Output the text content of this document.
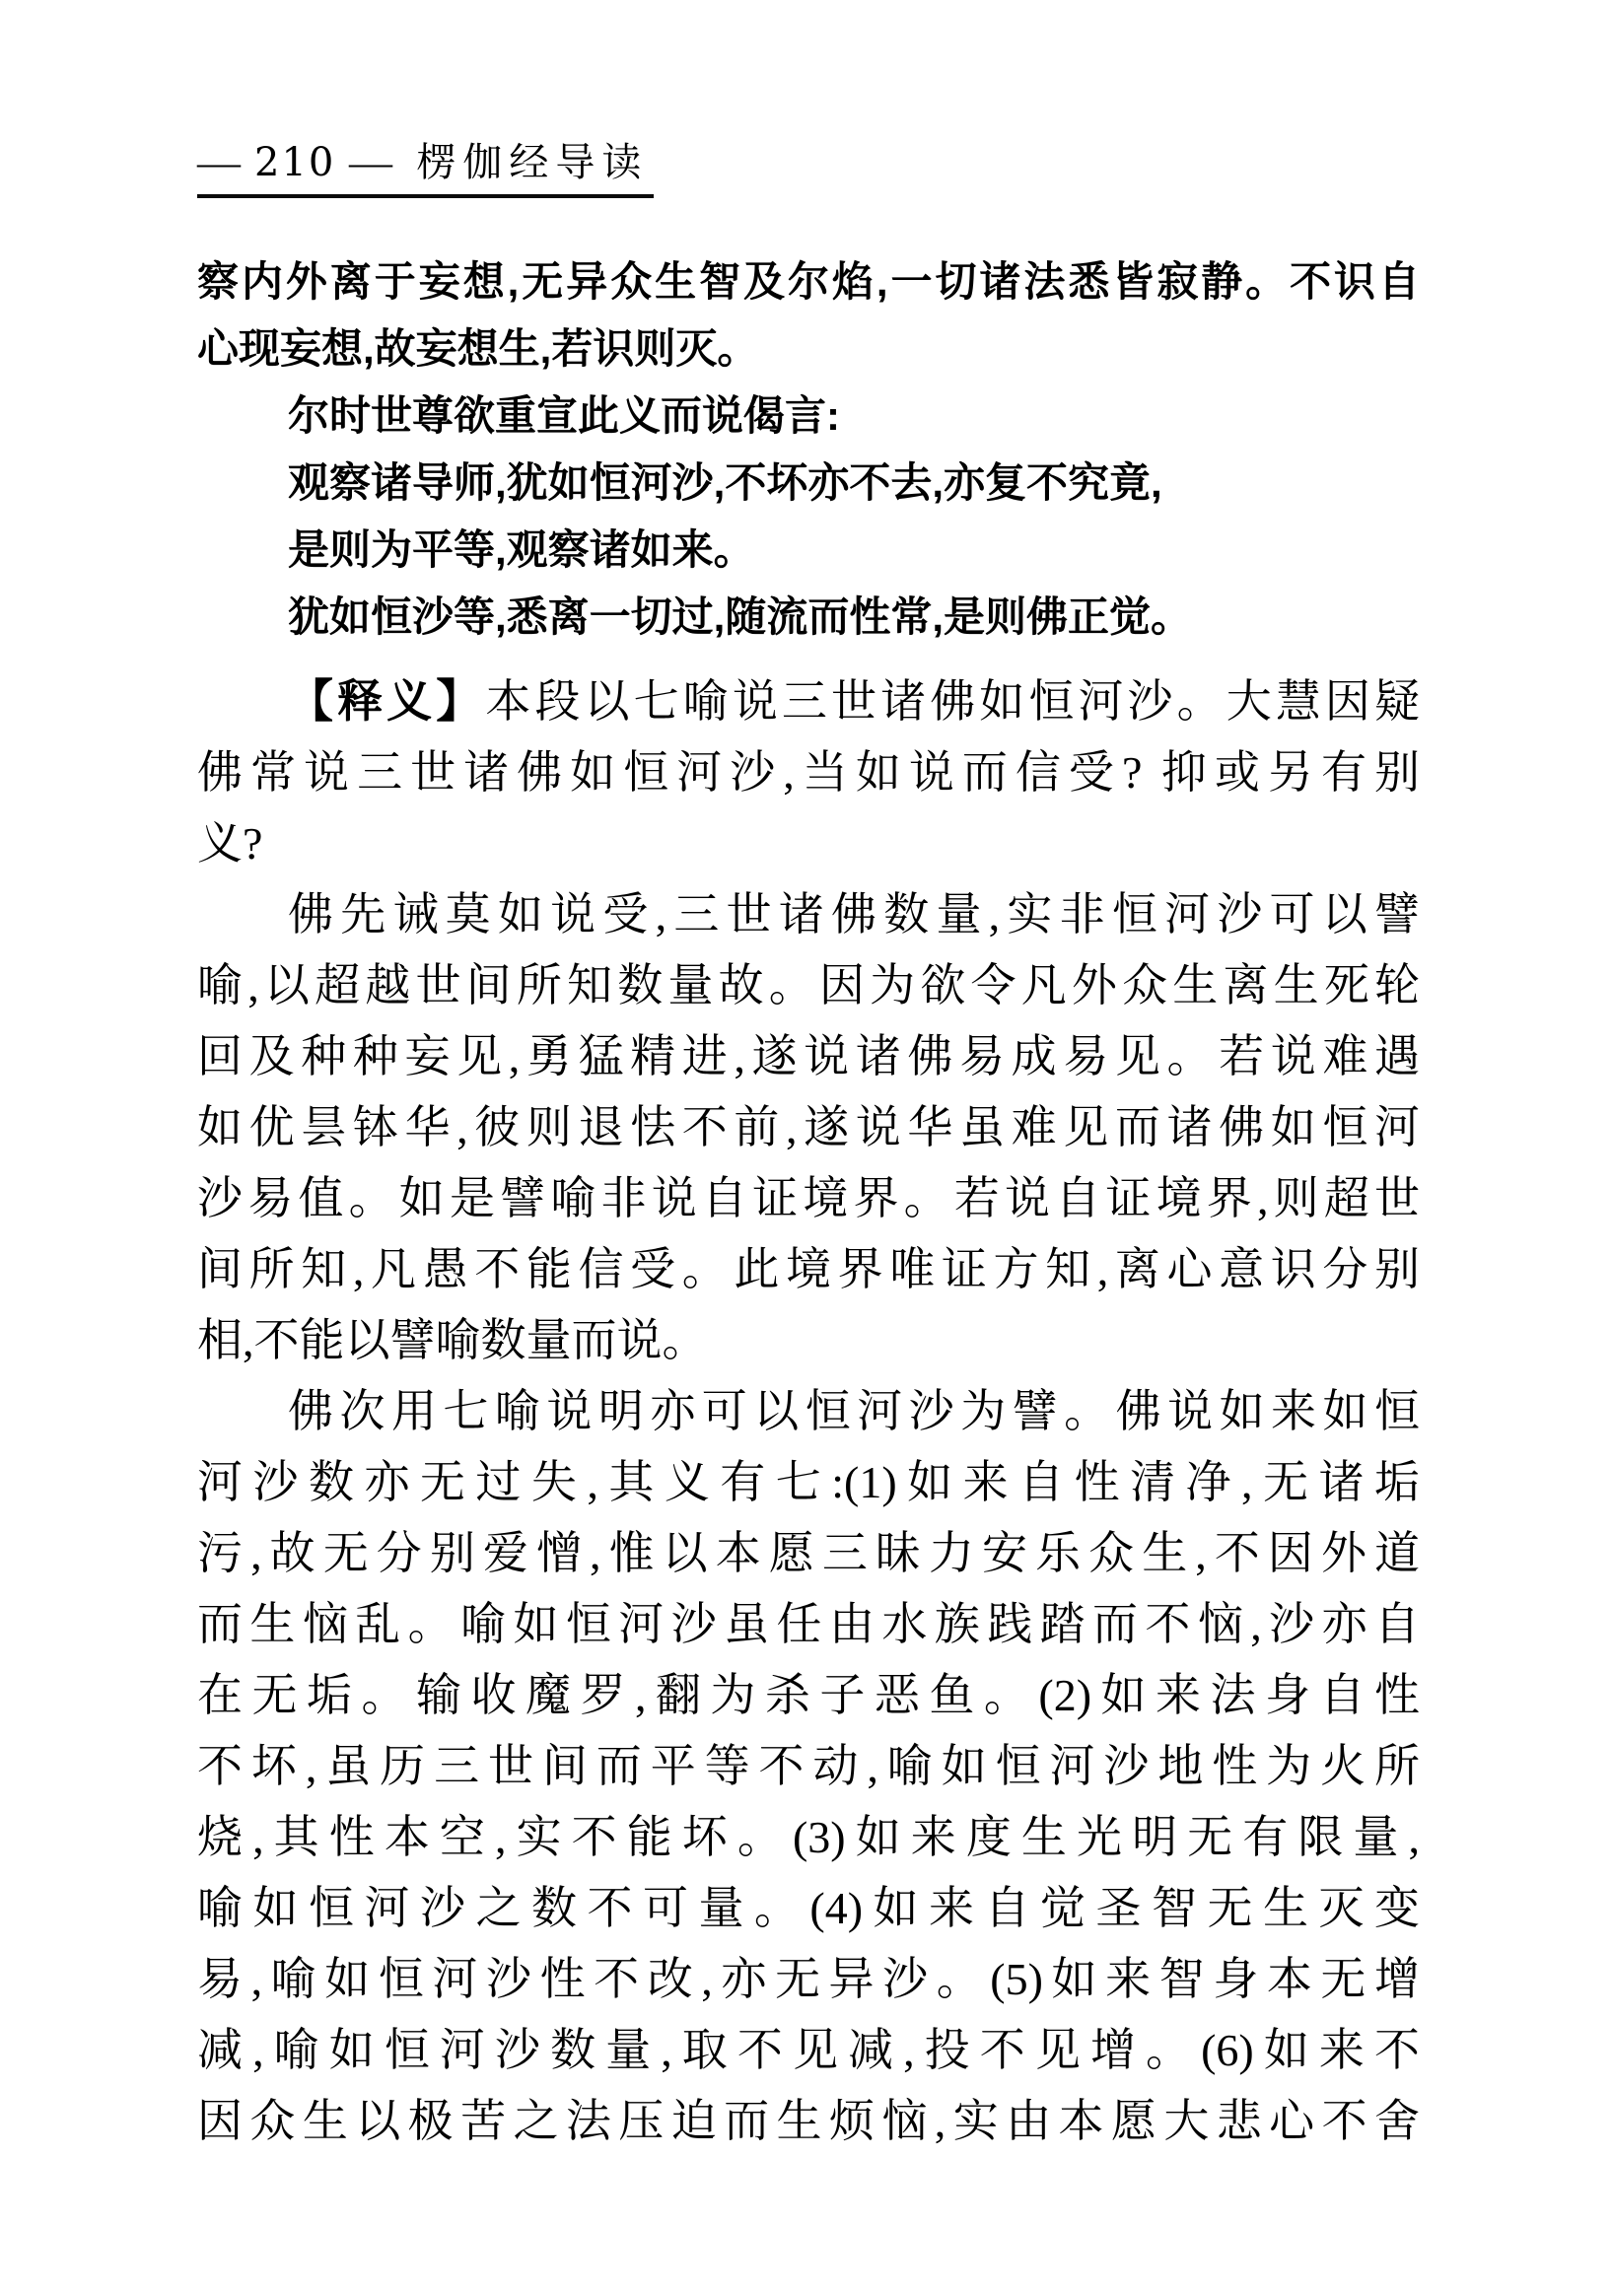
— 210 — 楞伽经导读
察内外离于妄想,无异众生智及尔焰,一切诸法悉皆寂静。不识自
心现妄想,故妄想生,若识则灭。
尔时世尊欲重宣此义而说偈言:
观察诸导师,犹如恒河沙,不坏亦不去,亦复不究竟,
是则为平等,观察诸如来。
犹如恒沙等,悉离一切过,随流而性常,是则佛正觉。
【释义】本段以七喻说三世诸佛如恒河沙。大慧因疑
佛常说三世诸佛如恒河沙,当如说而信受? 抑或另有别
义?
佛先诫莫如说受,三世诸佛数量,实非恒河沙可以譬
喻,以超越世间所知数量故。因为欲令凡外众生离生死轮
回及种种妄见,勇猛精进,遂说诸佛易成易见。若说难遇
如优昙钵华,彼则退怯不前,遂说华虽难见而诸佛如恒河
沙易值。如是譬喻非说自证境界。若说自证境界,则超世
间所知,凡愚不能信受。此境界唯证方知,离心意识分别
相,不能以譬喻数量而说。
佛次用七喻说明亦可以恒河沙为譬。佛说如来如恒
河沙数亦无过失,其义有七:(1)如来自性清净,无诸垢
污,故无分别爱憎,惟以本愿三昧力安乐众生,不因外道
而生恼乱。喻如恒河沙虽任由水族践踏而不恼,沙亦自
在无垢。输收魔罗,翻为杀子恶鱼。(2)如来法身自性
不坏,虽历三世间而平等不动,喻如恒河沙地性为火所
烧,其性本空,实不能坏。(3)如来度生光明无有限量,
喻如恒河沙之数不可量。(4)如来自觉圣智无生灭变
易,喻如恒河沙性不改,亦无异沙。(5)如来智身本无增
减,喻如恒河沙数量,取不见减,投不见增。(6)如来不
因众生以极苦之法压迫而生烦恼,实由本愿大悲心不舍
